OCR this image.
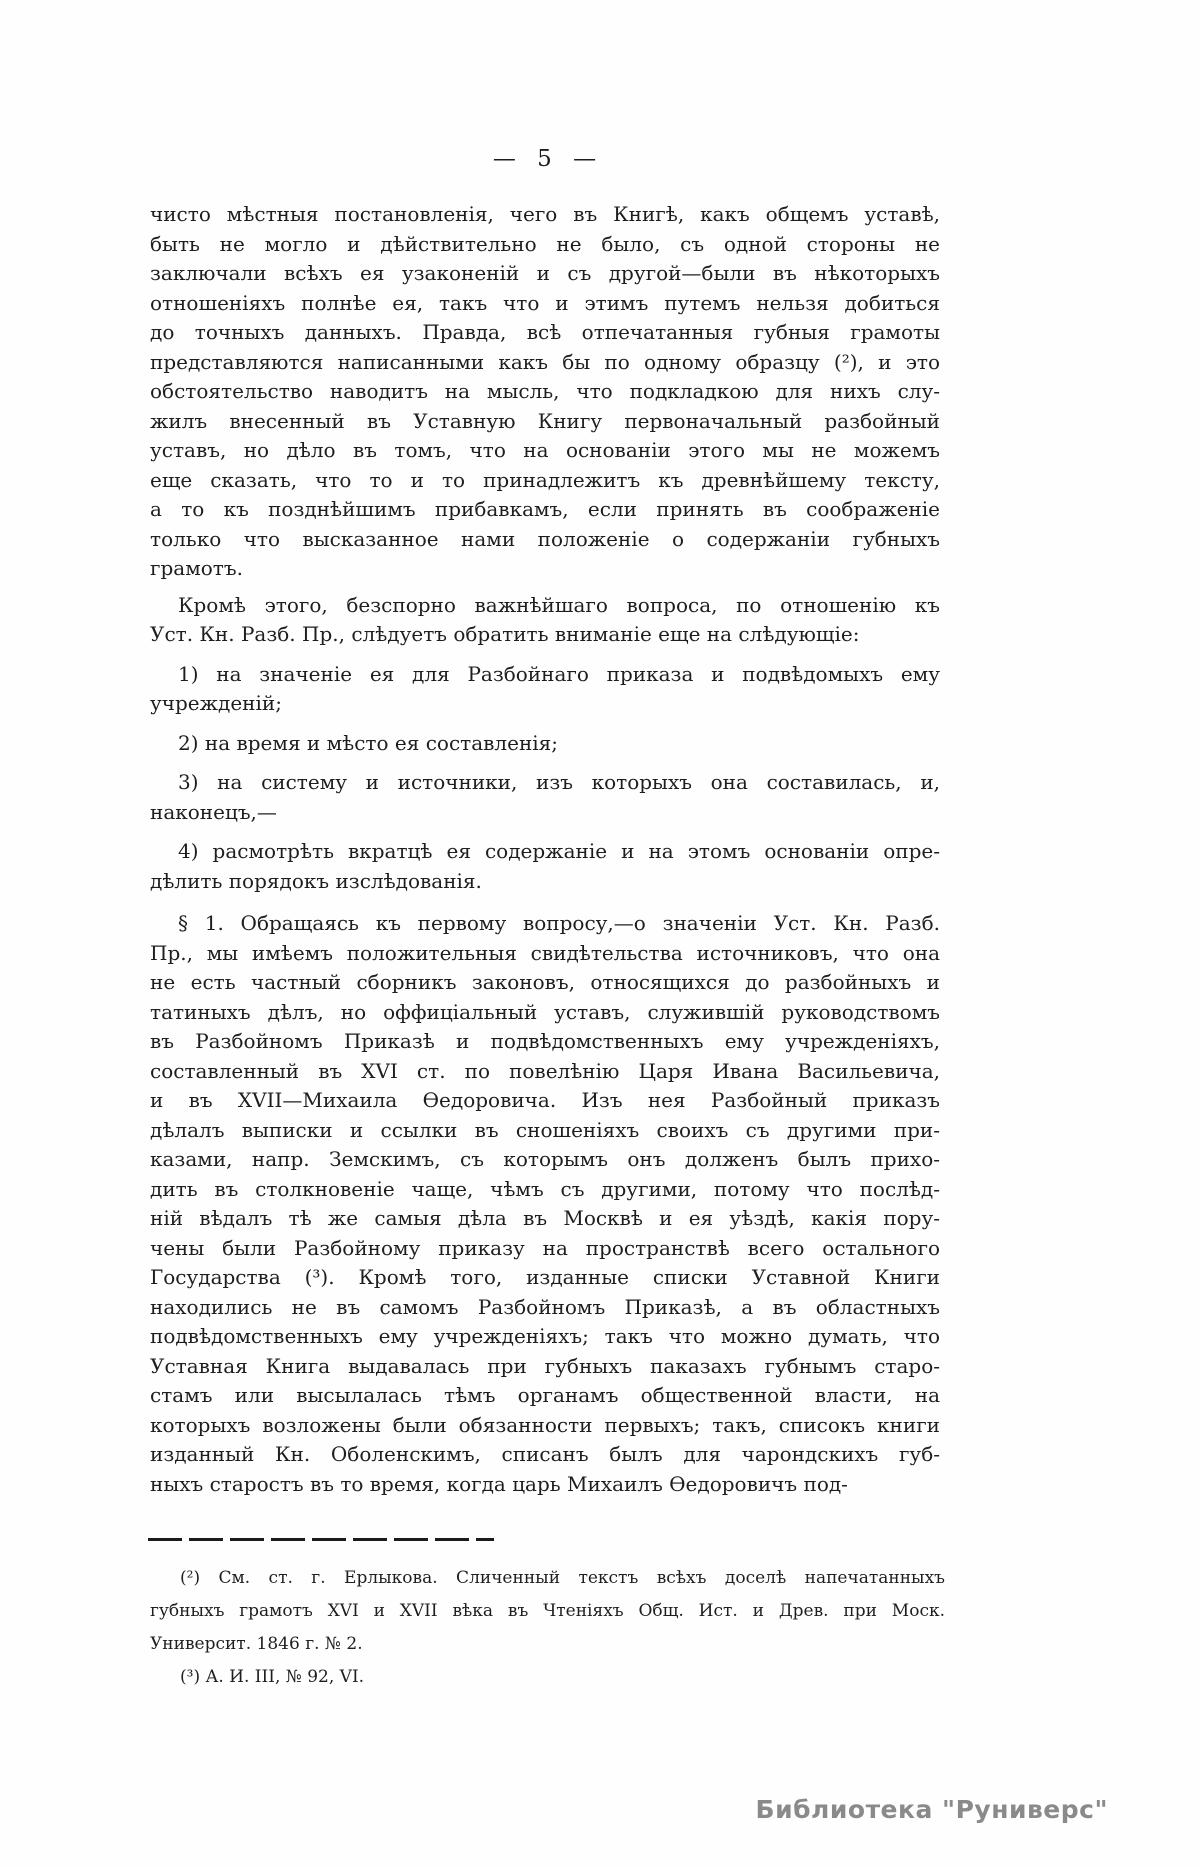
— 5 —
чисто мѣстныя постановленія, чего въ Книгѣ, какъ общемъ уставѣ,
быть не могло и дѣйствительно не было, съ одной стороны не
заключали всѣхъ ея узаконеній и съ другой—были въ нѣкоторыхъ
отношеніяхъ полнѣе ея, такъ что и этимъ путемъ нельзя добиться
до точныхъ данныхъ. Правда, всѣ отпечатанныя губныя грамоты
представляются написанными какъ бы по одному образцу (²), и это
обстоятельство наводитъ на мысль, что подкладкою для нихъ слу-
жилъ внесенный въ Уставную Книгу первоначальный разбойный
уставъ, но дѣло въ томъ, что на основаніи этого мы не можемъ
еще сказать, что то и то принадлежитъ къ древнѣйшему тексту,
а то къ позднѣйшимъ прибавкамъ, если принять въ соображеніе
только что высказанное нами положеніе о содержаніи губныхъ
грамотъ.
Кромѣ этого, безспорно важнѣйшаго вопроса, по отношенію къ
Уст. Кн. Разб. Пр., слѣдуетъ обратить вниманіе еще на слѣдующіе:
1) на значеніе ея для Разбойнаго приказа и подвѣдомыхъ ему
учрежденій;
2) на время и мѣсто ея составленія;
3) на систему и источники, изъ которыхъ она составилась, и,
наконецъ,—
4) расмотрѣть вкратцѣ ея содержаніе и на этомъ основаніи опре-
дѣлить порядокъ изслѣдованія.
§ 1. Обращаясь къ первому вопросу,—о значеніи Уст. Кн. Разб.
Пр., мы имѣемъ положительныя свидѣтельства источниковъ, что она
не есть частный сборникъ законовъ, относящихся до разбойныхъ и
татиныхъ дѣлъ, но оффиціальный уставъ, служившій руководствомъ
въ Разбойномъ Приказѣ и подвѣдомственныхъ ему учрежденіяхъ,
составленный въ XVI ст. по повелѣнію Царя Ивана Васильевича,
и въ XVII—Михаила Ѳедоровича. Изъ нея Разбойный приказъ
дѣлалъ выписки и ссылки въ сношеніяхъ своихъ съ другими при-
казами, напр. Земскимъ, съ которымъ онъ долженъ былъ прихо-
дить въ столкновеніе чаще, чѣмъ съ другими, потому что послѣд-
ній вѣдалъ тѣ же самыя дѣла въ Москвѣ и ея уѣздѣ, какія пору-
чены были Разбойному приказу на пространствѣ всего остального
Государства (³). Кромѣ того, изданные списки Уставной Книги
находились не въ самомъ Разбойномъ Приказѣ, а въ областныхъ
подвѣдомственныхъ ему учрежденіяхъ; такъ что можно думать, что
Уставная Книга выдавалась при губныхъ паказахъ губнымъ старо-
стамъ или высылалась тѣмъ органамъ общественной власти, на
которыхъ возложены были обязанности первыхъ; такъ, списокъ книги
изданный Кн. Оболенскимъ, списанъ былъ для чарондскихъ губ-
ныхъ старостъ въ то время, когда царь Михаилъ Ѳедоровичъ под-
(²) См. ст. г. Ерлыкова. Сличенный текстъ всѣхъ доселѣ напечатанныхъ
губныхъ грамотъ XVI и XVII вѣка въ Чтеніяхъ Общ. Ист. и Древ. при Моск.
Университ. 1846 г. № 2.
(³) А. И. III, № 92, VI.
Библиотека "Руниверс"
